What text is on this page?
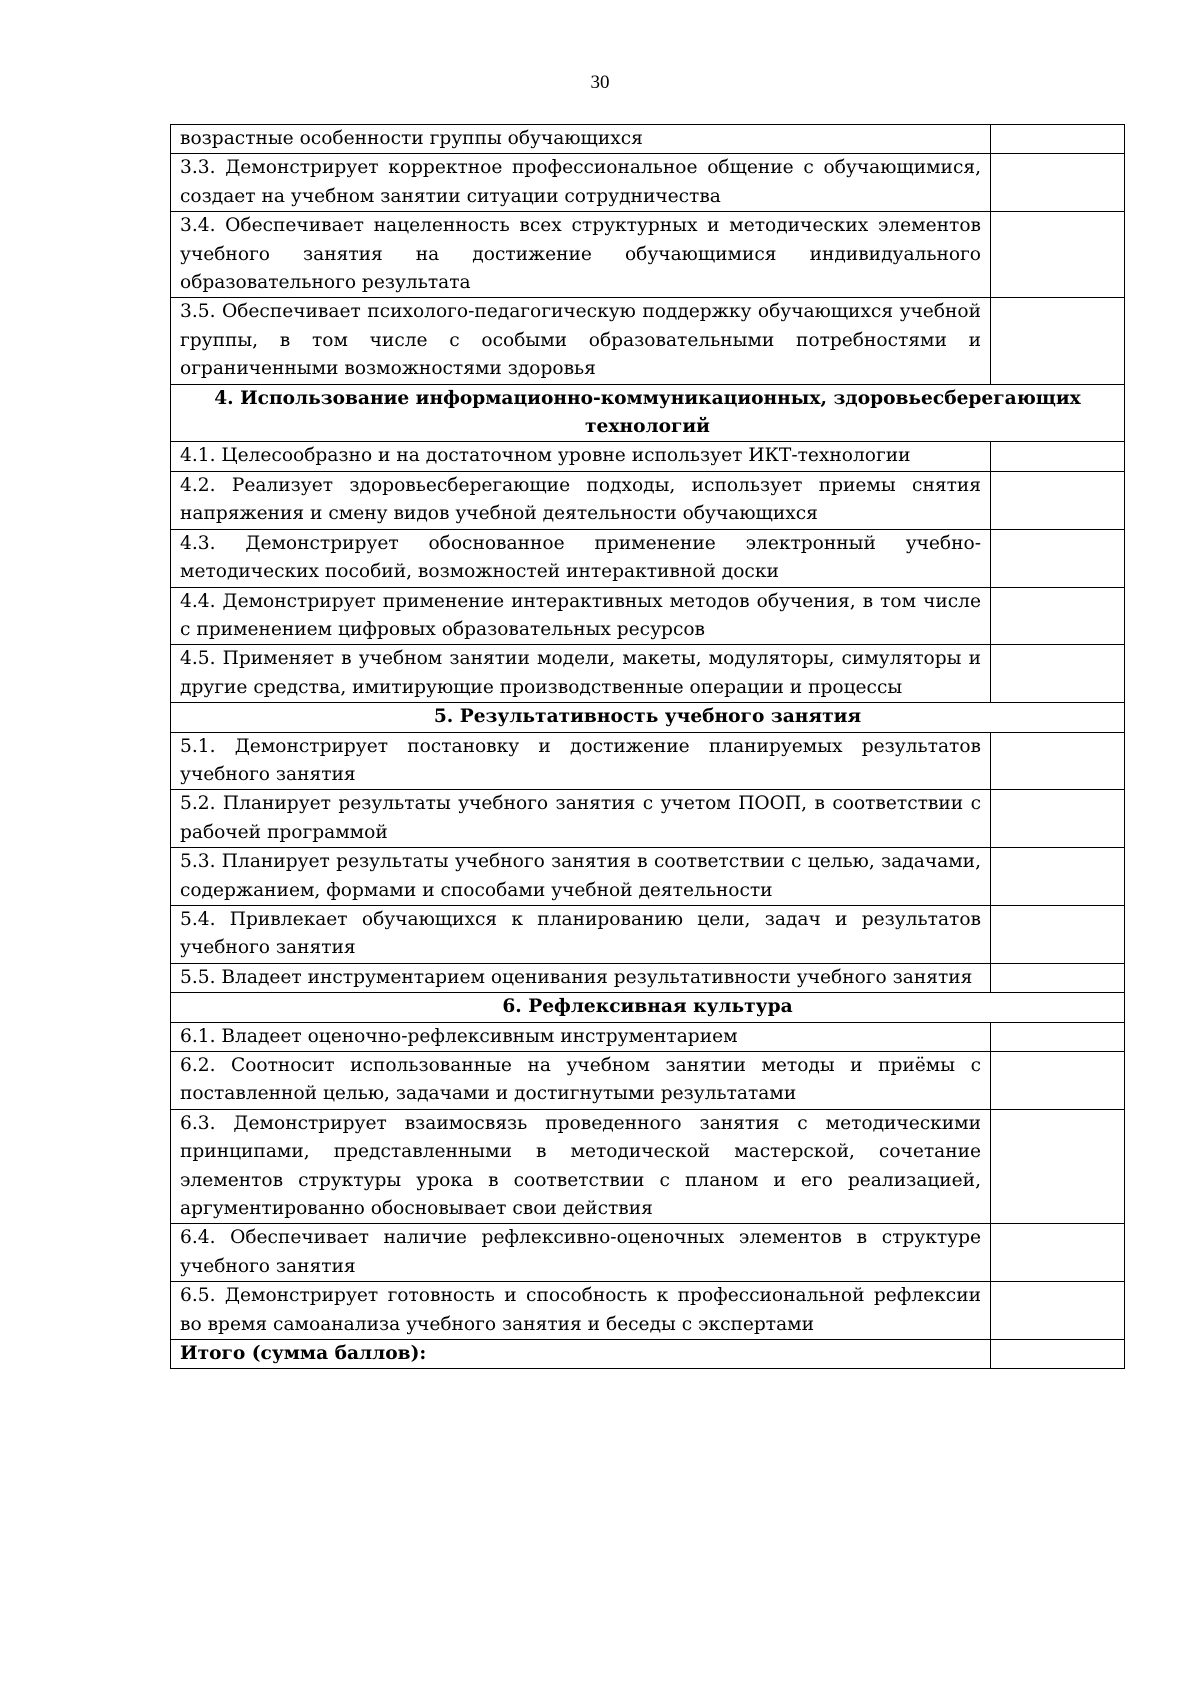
30
возрастные особенности группы обучающихся	
3.3. Демонстрирует корректное профессиональное общение с обучающимися, создает на учебном занятии ситуации сотрудничества	
3.4. Обеспечивает нацеленность всех структурных и методических элементов учебного занятия на достижение обучающимися индивидуального образовательного результата	
3.5. Обеспечивает психолого-педагогическую поддержку обучающихся учебной группы, в том числе с особыми образовательными потребностями и ограниченными возможностями здоровья	
4. Использование информационно-коммуникационных, здоровьесберегающих технологий	
4.1. Целесообразно и на достаточном уровне использует ИКТ-технологии	
4.2. Реализует здоровьесберегающие подходы, использует приемы снятия напряжения и смену видов учебной деятельности обучающихся	
4.3. Демонстрирует обоснованное применение электронный учебно-методических пособий, возможностей интерактивной доски	
4.4. Демонстрирует применение интерактивных методов обучения, в том числе с применением цифровых образовательных ресурсов	
4.5. Применяет в учебном занятии модели, макеты, модуляторы, симуляторы и другие средства, имитирующие производственные операции и процессы	
5. Результативность учебного занятия	
5.1. Демонстрирует постановку и достижение планируемых результатов учебного занятия	
5.2. Планирует результаты учебного занятия с учетом ПООП, в соответствии с рабочей программой	
5.3. Планирует результаты учебного занятия в соответствии с целью, задачами, содержанием, формами и способами учебной деятельности	
5.4. Привлекает обучающихся к планированию цели, задач и результатов учебного занятия	
5.5. Владеет инструментарием оценивания результативности учебного занятия	
6. Рефлексивная культура	
6.1. Владеет оценочно-рефлексивным инструментарием	
6.2. Соотносит использованные на учебном занятии методы и приёмы с поставленной целью, задачами и достигнутыми результатами	
6.3. Демонстрирует взаимосвязь проведенного занятия с методическими принципами, представленными в методической мастерской, сочетание элементов структуры урока в соответствии с планом и его реализацией, аргументированно обосновывает свои действия	
6.4. Обеспечивает наличие рефлексивно-оценочных элементов в структуре учебного занятия	
6.5. Демонстрирует готовность и способность к профессиональной рефлексии во время самоанализа учебного занятия и беседы с экспертами	
Итого (сумма баллов):	
